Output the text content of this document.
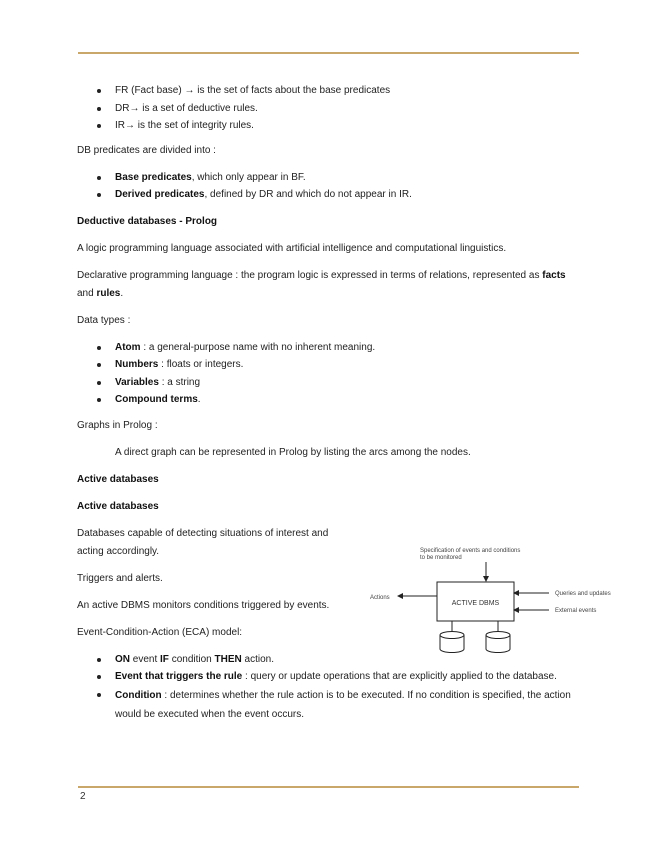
FR (Fact base) → is the set of facts about the base predicates
DR→ is a set of deductive rules.
IR→ is the set of integrity rules.

DB predicates are divided into :

Base predicates, which only appear in BF.
Derived predicates, defined by DR and which do not appear in IR.

Deductive databases - Prolog

A logic programming language associated with artificial intelligence and computational linguistics.

Declarative programming language : the program logic is expressed in terms of relations, represented as facts and rules.

Data types :

Atom : a general-purpose name with no inherent meaning.
Numbers : floats or integers.
Variables : a string
Compound terms.

Graphs in Prolog :

A direct graph can be represented in Prolog by listing the arcs among the nodes.

Active databases

Active databases

Databases capable of detecting situations of interest and acting accordingly.

Triggers and alerts.

An active DBMS monitors conditions triggered by events.

Event-Condition-Action (ECA) model:

ON event IF condition THEN action.
Event that triggers the rule : query or update operations that are explicitly applied to the database.
Condition : determines whether the rule action is to be executed. If no condition is specified, the action would be executed when the event occurs.
Specification of events and conditions
to be monitored
ACTIVE DBMS
Actions
Queries and updates
External events
2
